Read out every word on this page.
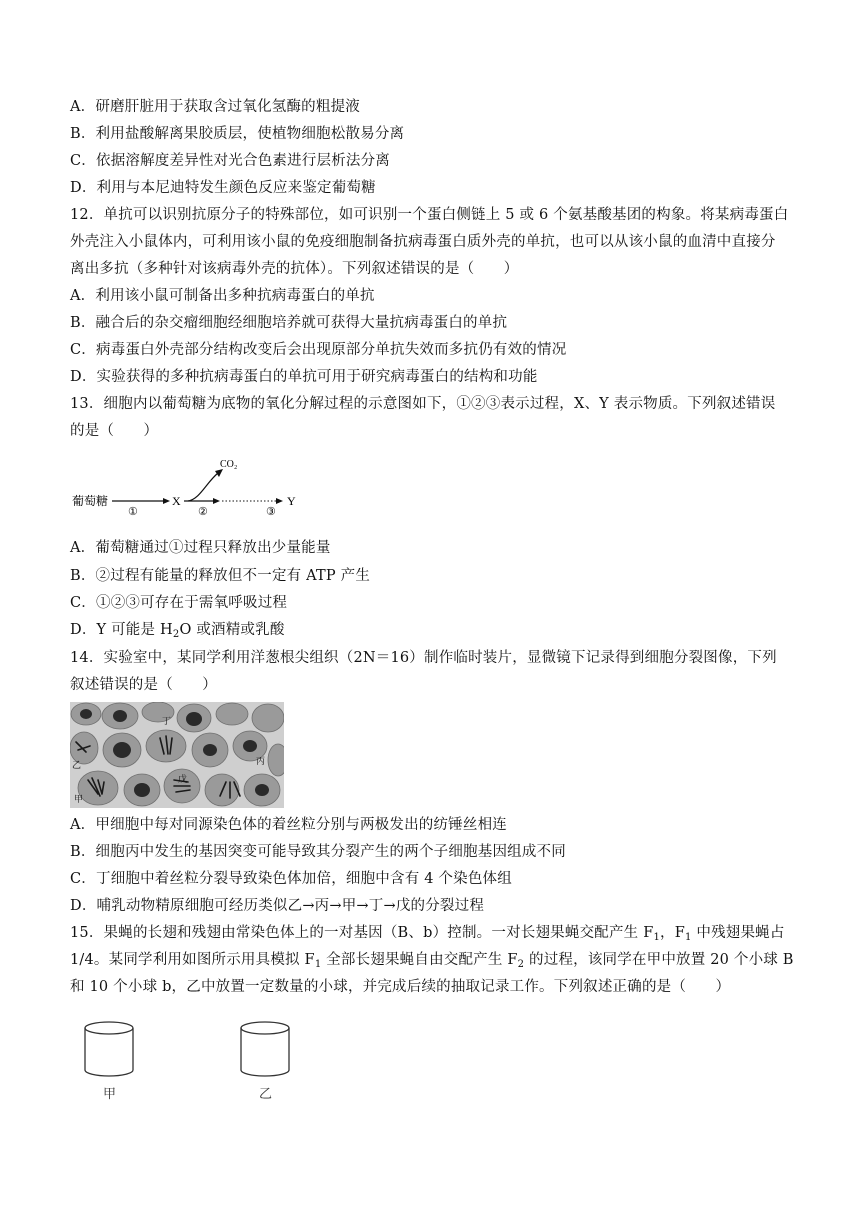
A．研磨肝脏用于获取含过氧化氢酶的粗提液
B．利用盐酸解离果胶质层，使植物细胞松散易分离
C．依据溶解度差异性对光合色素进行层析法分离
D．利用与本尼迪特发生颜色反应来鉴定葡萄糖
12．单抗可以识别抗原分子的特殊部位，如可识别一个蛋白侧链上 5 或 6 个氨基酸基团的构象。将某病毒蛋白
外壳注入小鼠体内，可利用该小鼠的免疫细胞制备抗病毒蛋白质外壳的单抗，也可以从该小鼠的血清中直接分
离出多抗（多种针对该病毒外壳的抗体）。下列叙述错误的是（　　）
A．利用该小鼠可制备出多种抗病毒蛋白的单抗
B．融合后的杂交瘤细胞经细胞培养就可获得大量抗病毒蛋白的单抗
C．病毒蛋白外壳部分结构改变后会出现原部分单抗失效而多抗仍有效的情况
D．实验获得的多种抗病毒蛋白的单抗可用于研究病毒蛋白的结构和功能
13．细胞内以葡萄糖为底物的氧化分解过程的示意图如下，①②③表示过程，X、Y 表示物质。下列叙述错误
的是（　　）
葡萄糖
①
X
CO₂
②	③
Y
A．葡萄糖通过①过程只释放出少量能量
B．②过程有能量的释放但不一定有 ATP 产生
C．①②③可存在于需氧呼吸过程
D．Y 可能是 $H_2O$ 或酒精或乳酸
14．实验室中，某同学利用洋葱根尖组织（2N＝16）制作临时装片，显微镜下记录得到细胞分裂图像，下列
叙述错误的是（　　）
丁
甲
乙	丙
戊
A．甲细胞中每对同源染色体的着丝粒分别与两极发出的纺锤丝相连
B．细胞丙中发生的基因突变可能导致其分裂产生的两个子细胞基因组成不同
C．丁细胞中着丝粒分裂导致染色体加倍，细胞中含有 4 个染色体组
D．哺乳动物精原细胞可经历类似乙→丙→甲→丁→戊的分裂过程
15．果蝇的长翅和残翅由常染色体上的一对基因（B、b）控制。一对长翅果蝇交配产生 $F_1$，$F_1$ 中残翅果蝇占
1/4。某同学利用如图所示用具模拟 $F_1$ 全部长翅果蝇自由交配产生 $F_2$ 的过程，该同学在甲中放置 20 个小球 B
和 10 个小球 b，乙中放置一定数量的小球，并完成后续的抽取记录工作。下列叙述正确的是（　　）
甲	乙
